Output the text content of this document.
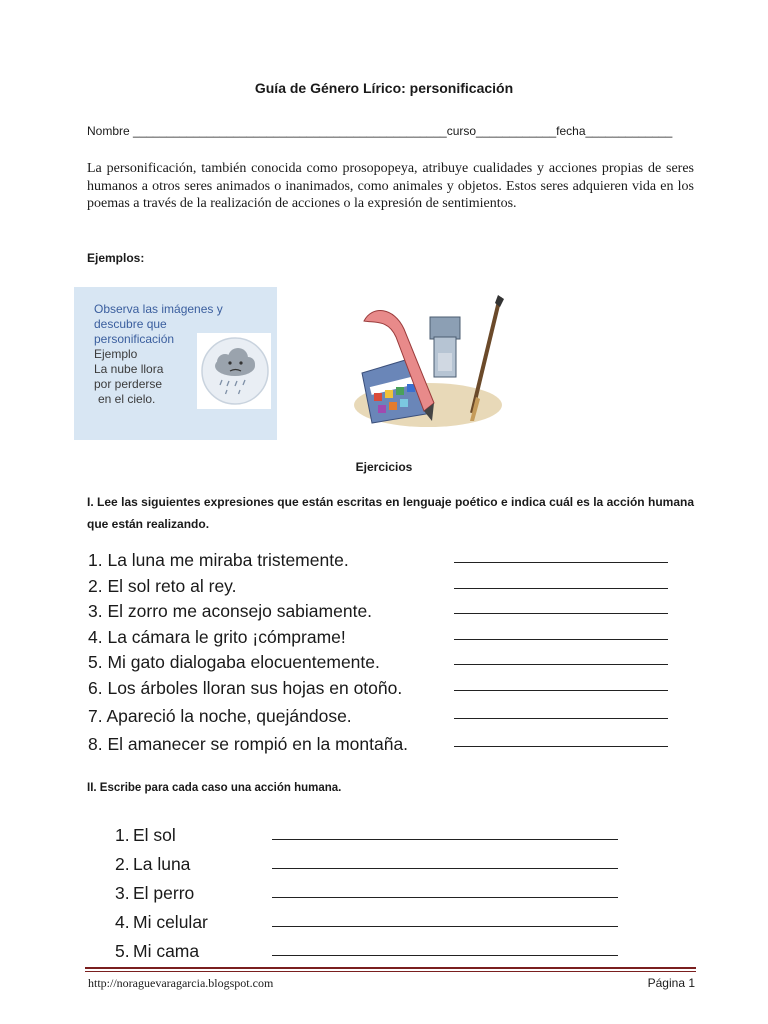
Guía de Género Lírico: personificación
Nombre _______________________________________________curso____________fecha_____________
La personificación, también conocida como prosopopeya, atribuye cualidades y acciones propias de seres humanos a otros seres animados o inanimados, como animales y objetos. Estos seres adquieren vida en los poemas a través de la realización de acciones o la expresión de sentimientos.
Ejemplos:
Observa las imágenes y
descubre que
personificación
Ejemplo
La nube llora
por perderse
en el cielo.
Ejercicios
I. Lee las siguientes expresiones que están escritas en lenguaje poético e indica cuál es la acción humana que están realizando.
1. La luna me miraba tristemente.
2. El sol reto al rey.
3. El zorro me aconsejo sabiamente.
4. La cámara le grito ¡cómprame!
5. Mi gato dialogaba elocuentemente.
6. Los árboles lloran sus hojas en otoño.
7. Apareció la noche, quejándose.
8. El amanecer se rompió en la montaña.
II. Escribe para cada caso una acción humana.
1. El sol
2. La luna
3. El perro
4. Mi celular
5. Mi cama
http://noraguevaragarcia.blogspot.com	Página 1
